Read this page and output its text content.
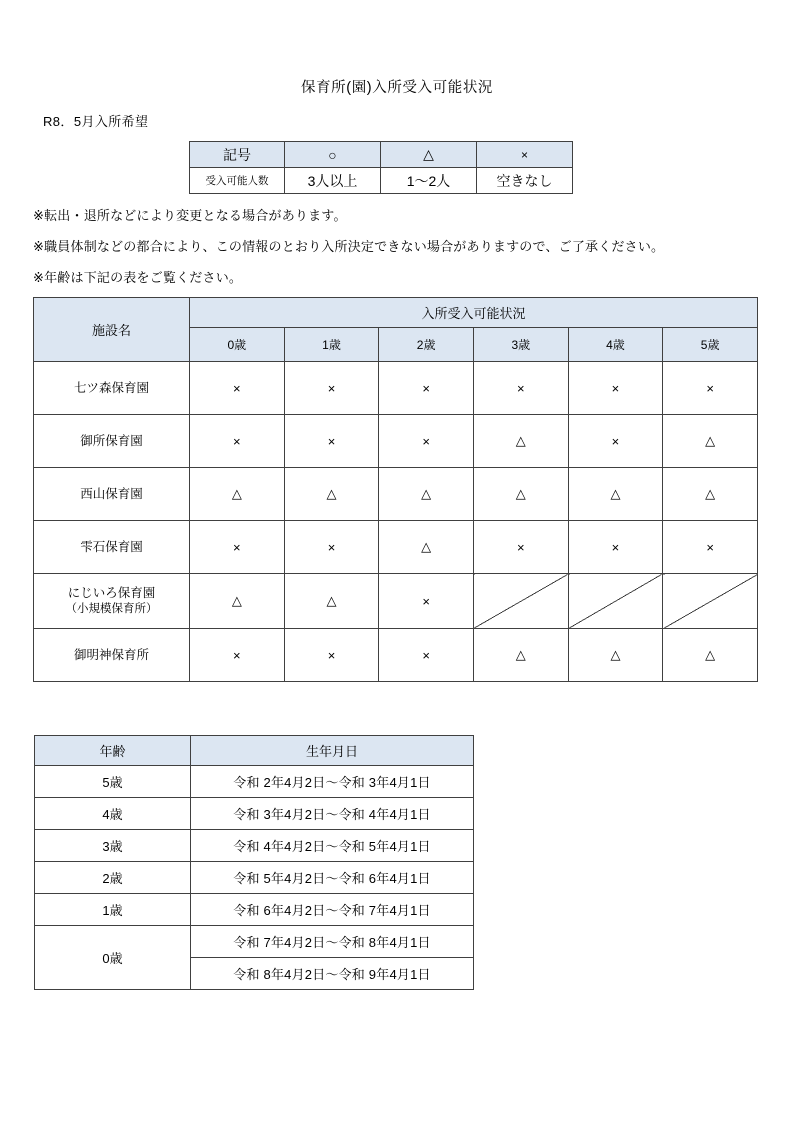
保育所(園)入所受入可能状況
R8．5月入所希望
記号	○	△	×
受入可能人数	3人以上	1～2人	空きなし
※転出・退所などにより変更となる場合があります。
※職員体制などの都合により、この情報のとおり入所決定できない場合がありますので、ご了承ください。
※年齢は下記の表をご覧ください。
施設名	入所受入可能状況					
	0歳	1歳	2歳	3歳	4歳	5歳
七ツ森保育園	×	×	×	×	×	×
御所保育園	×	×	×	△	×	△
西山保育園	△	△	△	△	△	△
雫石保育園	×	×	△	×	×	×
にじいろ保育園
（小規模保育所）	△	△	×			
御明神保育所	×	×	×	△	△	△
年齢	生年月日
5歳	令和 2年4月2日～令和 3年4月1日
4歳	令和 3年4月2日～令和 4年4月1日
3歳	令和 4年4月2日～令和 5年4月1日
2歳	令和 5年4月2日～令和 6年4月1日
1歳	令和 6年4月2日～令和 7年4月1日
0歳	令和 7年4月2日～令和 8年4月1日
	令和 8年4月2日～令和 9年4月1日
